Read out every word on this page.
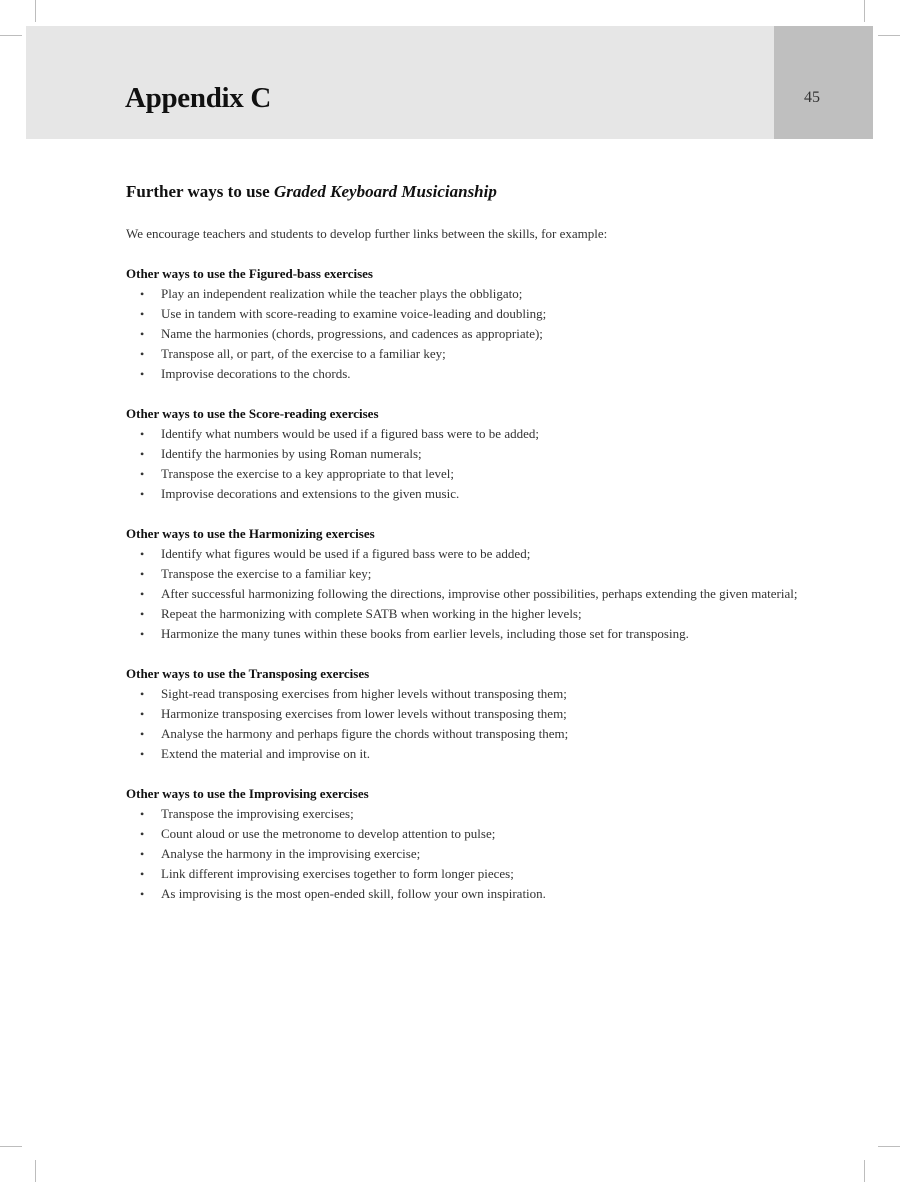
Appendix C	45
Further ways to use Graded Keyboard Musicianship

We encourage teachers and students to develop further links between the skills, for example:

Other ways to use the Figured-bass exercises

• Play an independent realization while the teacher plays the obbligato;
• Use in tandem with score-reading to examine voice-leading and doubling;
• Name the harmonies (chords, progressions, and cadences as appropriate);
• Transpose all, or part, of the exercise to a familiar key;
• Improvise decorations to the chords.

Other ways to use the Score-reading exercises

• Identify what numbers would be used if a figured bass were to be added;
• Identify the harmonies by using Roman numerals;
• Transpose the exercise to a key appropriate to that level;
• Improvise decorations and extensions to the given music.

Other ways to use the Harmonizing exercises

• Identify what figures would be used if a figured bass were to be added;
• Transpose the exercise to a familiar key;
• After successful harmonizing following the directions, improvise other possibilities, perhaps extending the given material;
• Repeat the harmonizing with complete SATB when working in the higher levels;
• Harmonize the many tunes within these books from earlier levels, including those set for transposing.

Other ways to use the Transposing exercises

• Sight-read transposing exercises from higher levels without transposing them;
• Harmonize transposing exercises from lower levels without transposing them;
• Analyse the harmony and perhaps figure the chords without transposing them;
• Extend the material and improvise on it.

Other ways to use the Improvising exercises

• Transpose the improvising exercises;
• Count aloud or use the metronome to develop attention to pulse;
• Analyse the harmony in the improvising exercise;
• Link different improvising exercises together to form longer pieces;
• As improvising is the most open-ended skill, follow your own inspiration.
